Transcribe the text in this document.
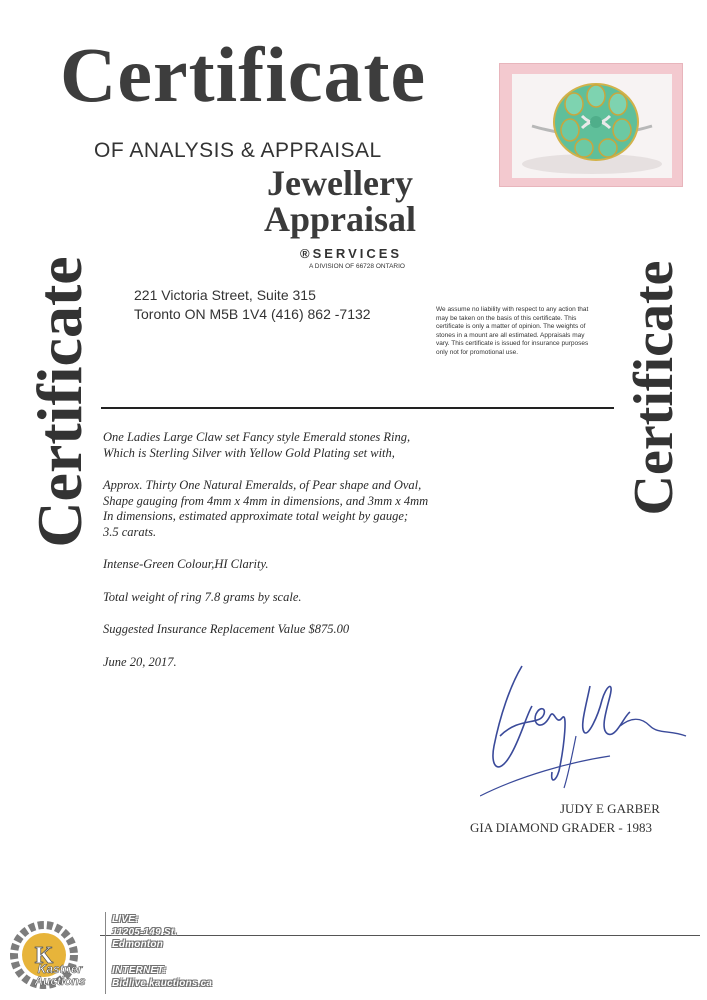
Certificate
OF ANALYSIS & APPRAISAL
Certificate	Certificate
Jewellery
Appraisal
®SERVICES
A DIVISION OF 66728 ONTARIO
221 Victoria Street, Suite 315
Toronto ON M5B 1V4 (416) 862 -7132	We assume no liability with respect to any action that may be taken on the basis of this certificate. This certificate is only a matter of opinion. The weights of stones in a mount are all estimated. Appraisals may vary. This certificate is issued for insurance purposes only not for promotional use.

One Ladies Large Claw set Fancy style Emerald stones Ring,

Which is Sterling Silver with Yellow Gold Plating set with,

Approx. Thirty One Natural Emeralds, of Pear shape and Oval,

Shape gauging from 4mm x 4mm in dimensions, and 3mm x 4mm

In dimensions, estimated approximate total weight by gauge;

3.5 carats.

Intense-Green Colour,HI Clarity.

Total weight of ring 7.8 grams by scale.

Suggested Insurance Replacement Value $875.00

June 20, 2017.

JUDY E GARBER
GIA DIAMOND GRADER - 1983
K
Kastner
Auctions
LIVE:
11205-149 St.
Edmonton
INTERNET:
Bidlive.kauctions.ca
